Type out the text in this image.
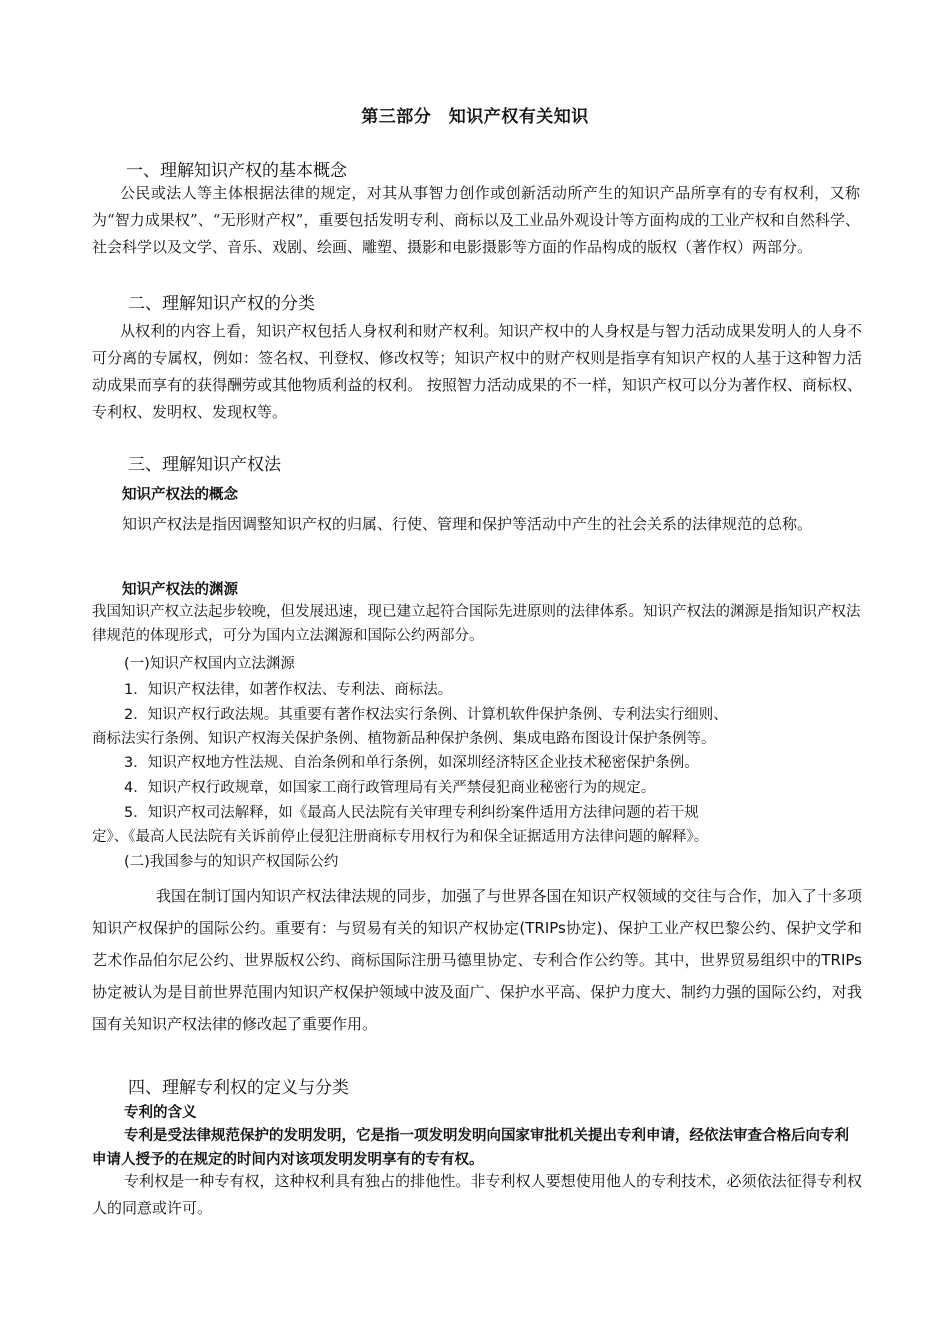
第三部分　知识产权有关知识
一、理解知识产权的基本概念
公民或法人等主体根据法律的规定，对其从事智力创作或创新活动所产生的知识产品所享有的专有权利，又称为“智力成果权”、“无形财产权”，重要包括发明专利、商标以及工业品外观设计等方面构成的工业产权和自然科学、社会科学以及文学、音乐、戏剧、绘画、雕塑、摄影和电影摄影等方面的作品构成的版权（著作权）两部分。
二、理解知识产权的分类
从权利的内容上看，知识产权包括人身权利和财产权利。知识产权中的人身权是与智力活动成果发明人的人身不可分离的专属权，例如：签名权、刊登权、修改权等；知识产权中的财产权则是指享有知识产权的人基于这种智力活动成果而享有的获得酬劳或其他物质利益的权利。 按照智力活动成果的不一样，知识产权可以分为著作权、商标权、专利权、发明权、发现权等。
三、理解知识产权法
知识产权法的概念
知识产权法是指因调整知识产权的归属、行使、管理和保护等活动中产生的社会关系的法律规范的总称。
知识产权法的渊源
我国知识产权立法起步较晚，但发展迅速，现已建立起符合国际先进原则的法律体系。知识产权法的渊源是指知识产权法律规范的体现形式，可分为国内立法渊源和国际公约两部分。
(一)知识产权国内立法渊源
1．知识产权法律，如著作权法、专利法、商标法。
2．知识产权行政法规。其重要有著作权法实行条例、计算机软件保护条例、专利法实行细则、
商标法实行条例、知识产权海关保护条例、植物新品种保护条例、集成电路布图设计保护条例等。
3．知识产权地方性法规、自治条例和单行条例，如深圳经济特区企业技术秘密保护条例。
4．知识产权行政规章，如国家工商行政管理局有关严禁侵犯商业秘密行为的规定。
5．知识产权司法解释，如《最高人民法院有关审理专利纠纷案件适用方法律问题的若干规
定》、《最高人民法院有关诉前停止侵犯注册商标专用权行为和保全证据适用方法律问题的解释》。
(二)我国参与的知识产权国际公约
我国在制订国内知识产权法律法规的同步，加强了与世界各国在知识产权领域的交往与合作，加入了十多项知识产权保护的国际公约。重要有：与贸易有关的知识产权协定(TRIPs协定)、保护工业产权巴黎公约、保护文学和艺术作品伯尔尼公约、世界版权公约、商标国际注册马德里协定、专利合作公约等。其中，世界贸易组织中的TRIPs协定被认为是目前世界范围内知识产权保护领域中波及面广、保护水平高、保护力度大、制约力强的国际公约，对我国有关知识产权法律的修改起了重要作用。
四、理解专利权的定义与分类
专利的含义
专利是受法律规范保护的发明发明，它是指一项发明发明向国家审批机关提出专利申请，经依法审查合格后向专利申请人授予的在规定的时间内对该项发明发明享有的专有权。
专利权是一种专有权，这种权利具有独占的排他性。非专利权人要想使用他人的专利技术，必须依法征得专利权人的同意或许可。
